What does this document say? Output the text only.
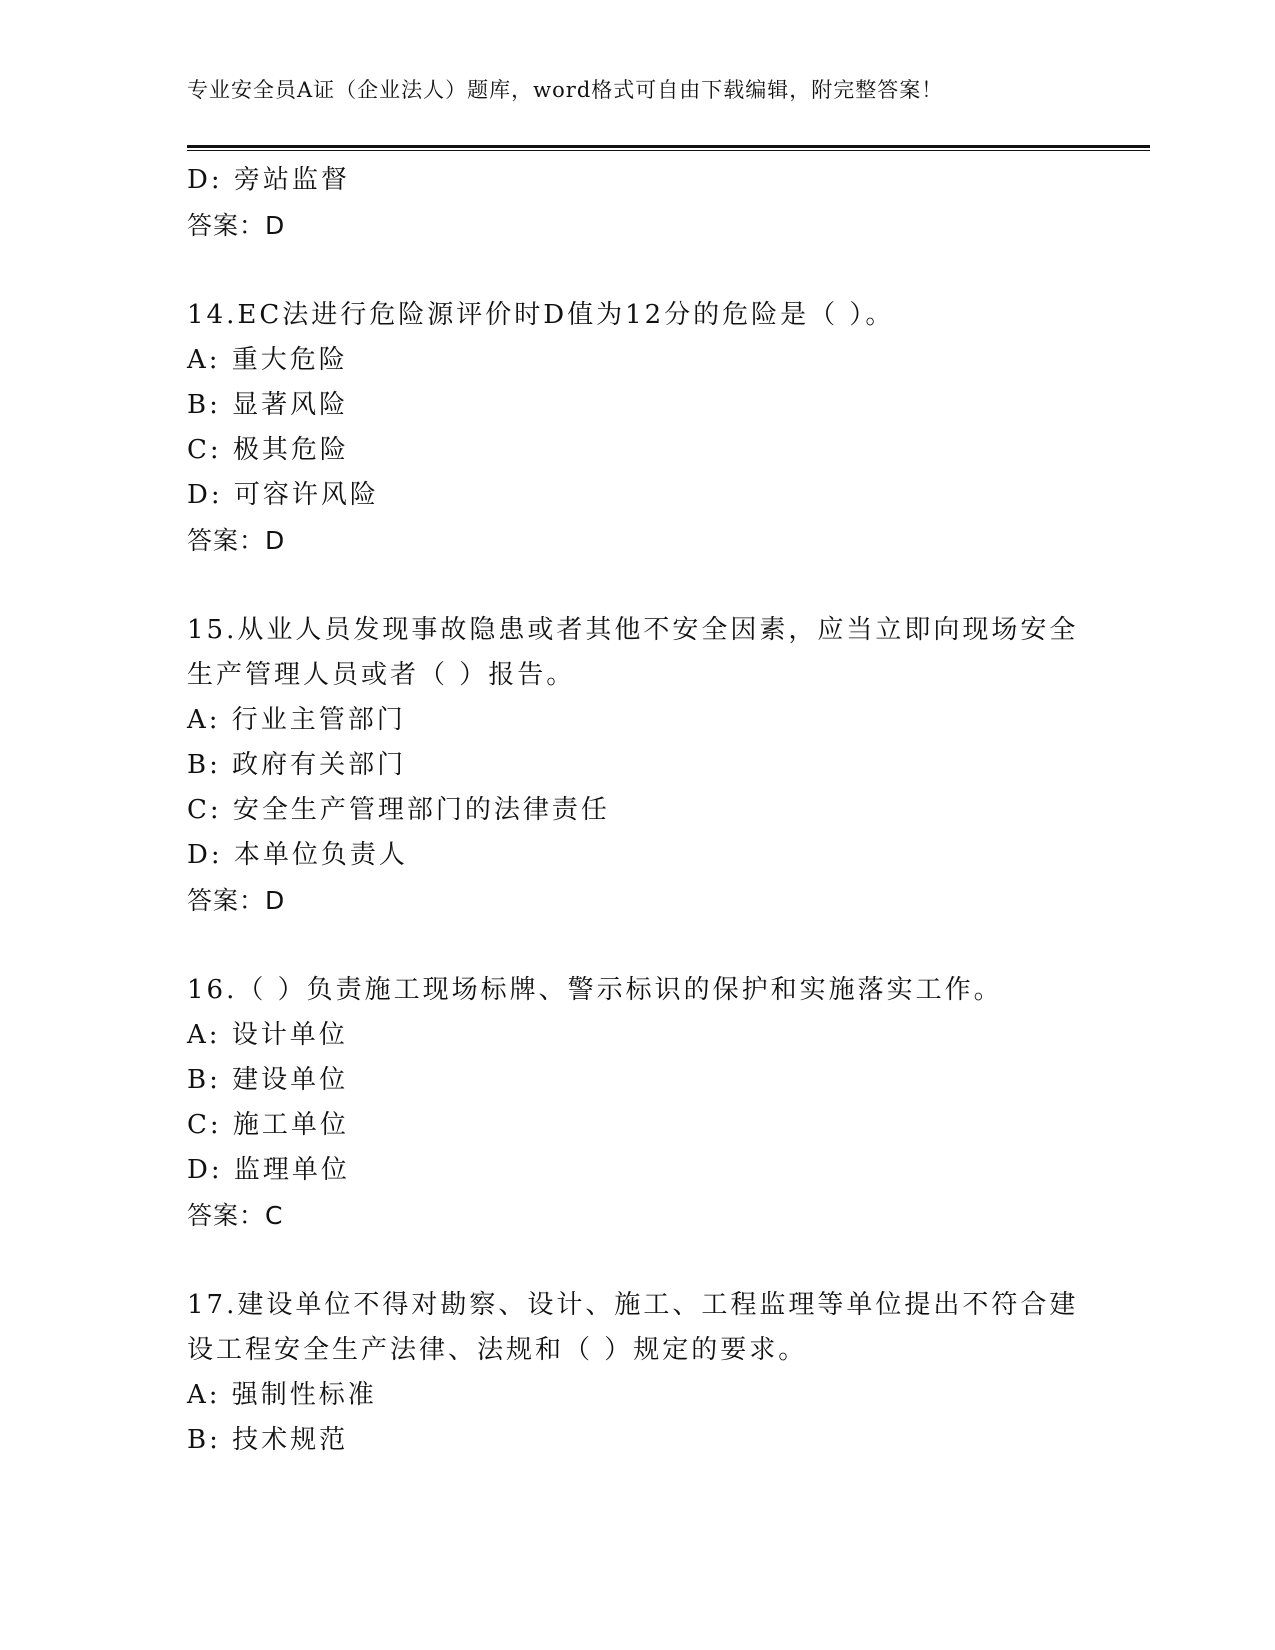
专业安全员A证（企业法人）题库，word格式可自由下载编辑，附完整答案！
D: 旁站监督
答案：D
14.EC法进行危险源评价时D值为12分的危险是（ ）。
A: 重大危险
B: 显著风险
C: 极其危险
D: 可容许风险
答案：D
15.从业人员发现事故隐患或者其他不安全因素，应当立即向现场安全
生产管理人员或者（ ）报告。
A: 行业主管部门
B: 政府有关部门
C: 安全生产管理部门的法律责任
D: 本单位负责人
答案：D
16.（ ）负责施工现场标牌、警示标识的保护和实施落实工作。
A: 设计单位
B: 建设单位
C: 施工单位
D: 监理单位
答案：C
17.建设单位不得对勘察、设计、施工、工程监理等单位提出不符合建
设工程安全生产法律、法规和（ ）规定的要求。
A: 强制性标准
B: 技术规范
